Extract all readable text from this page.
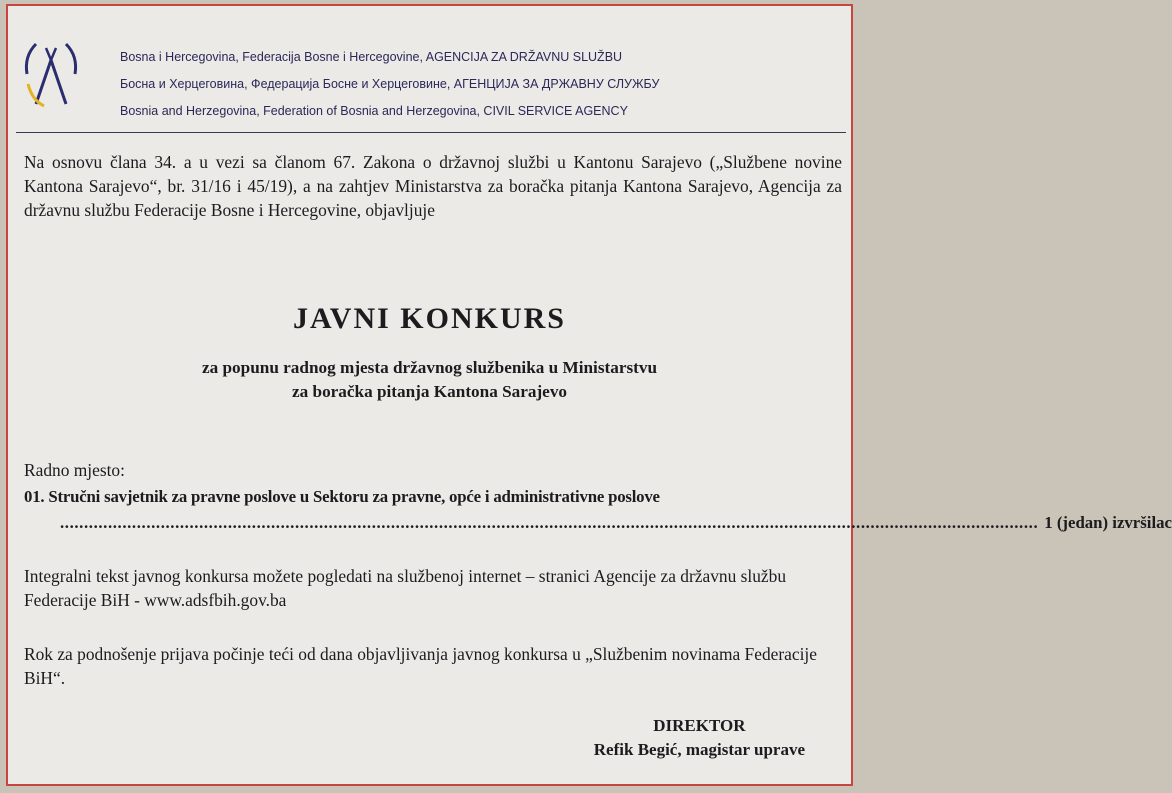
Bosna i Hercegovina, Federacija Bosne i Hercegovine, AGENCIJA ZA DRŽAVNU SLUŽBU
Босна и Херцеговина, Федерација Босне и Херцеговине, АГЕНЦИЈА ЗА ДРЖАВНУ СЛУЖБУ
Bosnia and Herzegovina, Federation of Bosnia and Herzegovina, CIVIL SERVICE AGENCY
Na osnovu člana 34. a u vezi sa članom 67. Zakona o državnoj službi u Kantonu Sarajevo („Službene novine Kantona Sarajevo“, br. 31/16 i 45/19), a na zahtjev Ministarstva za boračka pitanja Kantona Sarajevo, Agencija za državnu službu Federacije Bosne i Hercegovine, objavljuje
JAVNI KONKURS
za popunu radnog mjesta državnog službenika u Ministarstvu
za boračka pitanja Kantona Sarajevo
Radno mjesto:
01. Stručni savjetnik za pravne poslove u Sektoru za pravne, opće i administrativne poslove
............................................................................................................................................................................................................ 1 (jedan) izvršilac
Integralni tekst javnog konkursa možete pogledati na službenoj internet – stranici Agencije za državnu službu Federacije BiH - www.adsfbih.gov.ba
Rok za podnošenje prijava počinje teći od dana objavljivanja javnog konkursa u „Službenim novinama Federacije BiH“.
DIREKTOR
Refik Begić, magistar uprave
